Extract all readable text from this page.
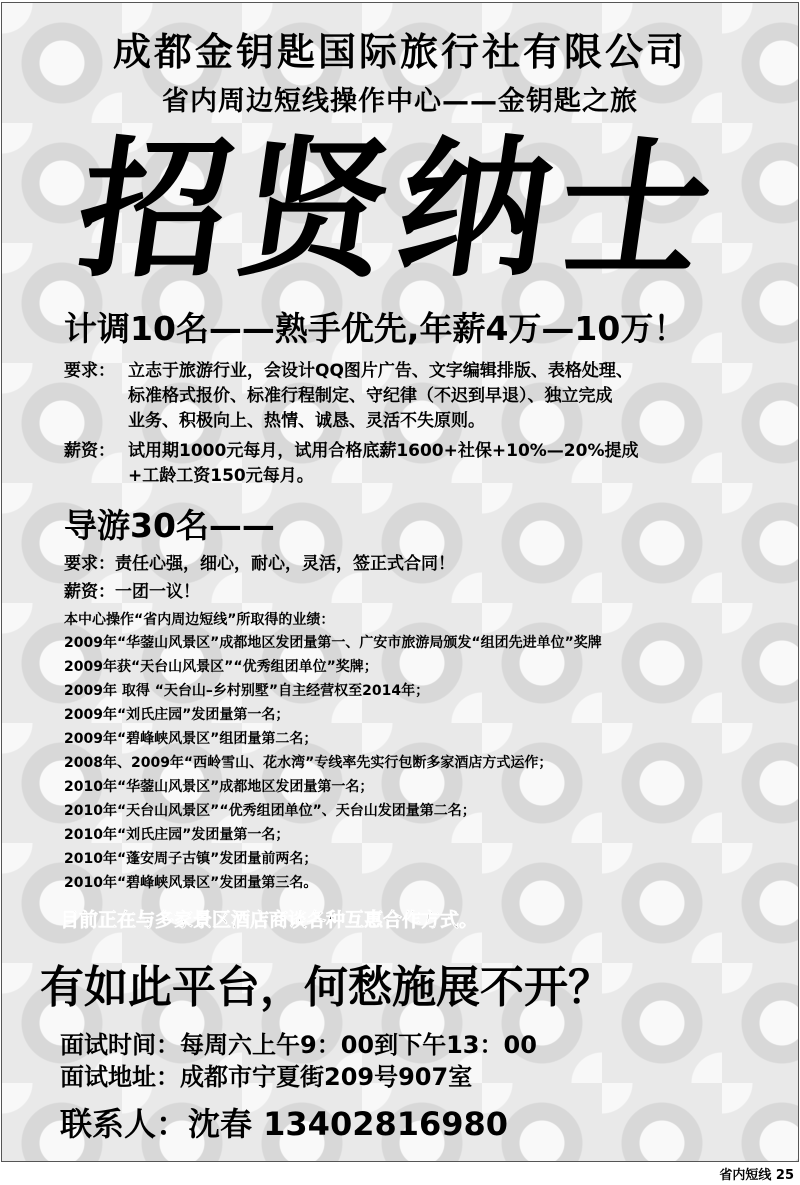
成都金钥匙国际旅行社有限公司
省内周边短线操作中心——金钥匙之旅
招贤纳士
计调10名——熟手优先,年薪4万—10万！
要求： 立志于旅游行业，会设计QQ图片广告、文字编辑排版、表格处理、
标准格式报价、标准行程制定、守纪律（不迟到早退）、独立完成
业务、积极向上、热情、诚恳、灵活不失原则。
薪资： 试用期1000元每月，试用合格底薪1600+社保+10%—20%提成
+工龄工资150元每月。
导游30名——
要求：责任心强，细心，耐心，灵活，签正式合同！
薪资：一团一议！
本中心操作“省内周边短线”所取得的业绩：
2009年“华蓥山风景区”成都地区发团量第一、广安市旅游局颁发“组团先进单位”奖牌
2009年获“天台山风景区”“优秀组团单位”奖牌；
2009年 取得 “天台山–乡村别墅”自主经营权至2014年；
2009年“刘氏庄园”发团量第一名；
2009年“碧峰峡风景区”组团量第二名；
2008年、2009年“西岭雪山、花水湾”专线率先实行包断多家酒店方式运作；
2010年“华蓥山风景区”成都地区发团量第一名；
2010年“天台山风景区”“优秀组团单位”、天台山发团量第二名；
2010年“刘氏庄园”发团量第一名；
2010年“蓬安周子古镇”发团量前两名；
2010年“碧峰峡风景区”发团量第三名。
目前正在与多家景区酒店商谈各种互惠合作方式。
有如此平台，何愁施展不开？
面试时间：每周六上午9：00到下午13：00
面试地址：成都市宁夏街209号907室
联系人：沈春 13402816980
省内短线 25
